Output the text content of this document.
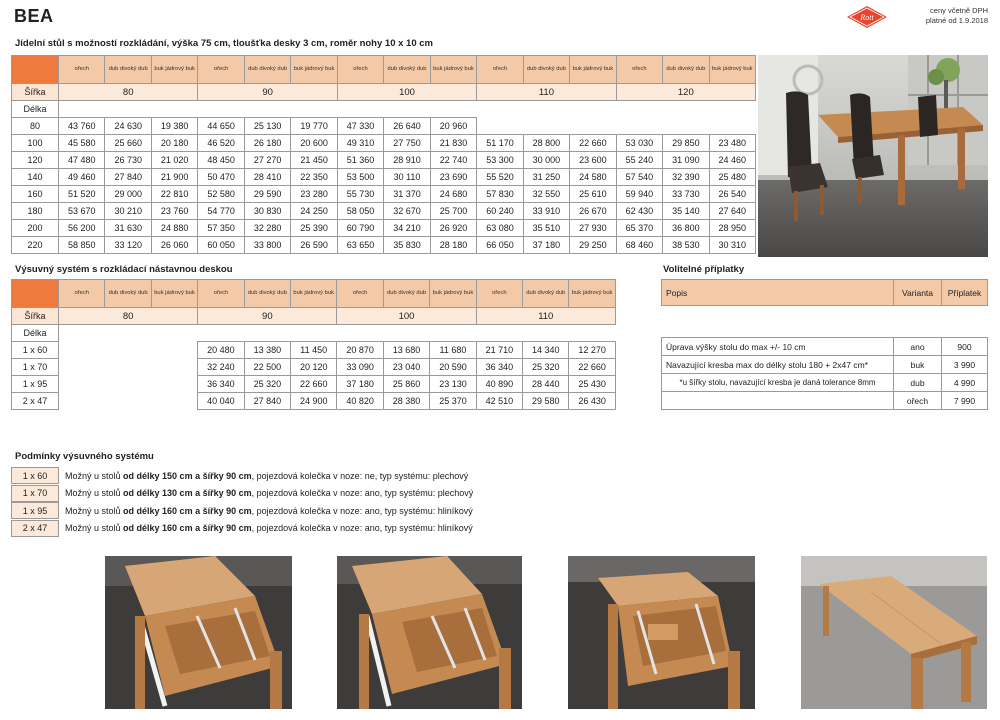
BEA	Rott
ceny včetně DPH
platné od 1.9.2018
Jídelní stůl s možností rozkládání, výška 75 cm, tloušťka desky 3 cm, roměr nohy 10 x 10 cm
	ořech	dub divoký dub	buk jádrový buk	ořech	dub divoký dub	buk jádrový buk	ořech	dub divoký dub	buk jádrový buk	ořech	dub divoký dub	buk jádrový buk	ořech	dub divoký dub	buk jádrový buk
Šířka	80			90			100			110			120		
Délka															
80	43 760	24 630	19 380	44 650	25 130	19 770	47 330	26 640	20 960						
100	45 580	25 660	20 180	46 520	26 180	20 600	49 310	27 750	21 830	51 170	28 800	22 660	53 030	29 850	23 480
120	47 480	26 730	21 020	48 450	27 270	21 450	51 360	28 910	22 740	53 300	30 000	23 600	55 240	31 090	24 460
140	49 460	27 840	21 900	50 470	28 410	22 350	53 500	30 110	23 690	55 520	31 250	24 580	57 540	32 390	25 480
160	51 520	29 000	22 810	52 580	29 590	23 280	55 730	31 370	24 680	57 830	32 550	25 610	59 940	33 730	26 540
180	53 670	30 210	23 760	54 770	30 830	24 250	58 050	32 670	25 700	60 240	33 910	26 670	62 430	35 140	27 640
200	56 200	31 630	24 880	57 350	32 280	25 390	60 790	34 210	26 920	63 080	35 510	27 930	65 370	36 800	28 950
220	58 850	33 120	26 060	60 050	33 800	26 590	63 650	35 830	28 180	66 050	37 180	29 250	68 460	38 530	30 310
Výsuvný systém s rozkládací nástavnou deskou
	ořech	dub divoký dub	buk jádrový buk	ořech	dub divoký dub	buk jádrový buk	ořech	dub divoký dub	buk jádrový buk	ořech	dub divoký dub	buk jádrový buk
Šířka	80			90			100			110		
Délka												
1 x 60				20 480	13 380	11 450	20 870	13 680	11 680	21 710	14 340	12 270
1 x 70				32 240	22 500	20 120	33 090	23 040	20 590	36 340	25 320	22 660
1 x 95				36 340	25 320	22 660	37 180	25 860	23 130	40 890	28 440	25 430
2 x 47				40 040	27 840	24 900	40 820	28 380	25 370	42 510	29 580	26 430
Volitelné příplatky
Popis	Varianta	Příplatek

Úprava výšky stolu do max +/- 10 cm	ano	900
Navazující kresba max do délky stolu 180 + 2x47 cm*	buk	3 990
*u šířky stolu, navazující kresba je daná tolerance 8mm	dub	4 990
	ořech	7 990
Podmínky výsuvného systému
1 x 60	Možný u stolů od délky 150 cm a šířky 90 cm, pojezdová kolečka v noze: ne, typ systému: plechový
1 x 70	Možný u stolů od délky 130 cm a šířky 90 cm, pojezdová kolečka v noze: ano, typ systému: plechový
1 x 95	Možný u stolů od délky 160 cm a šířky 90 cm, pojezdová kolečka v noze: ano, typ systému: hliníkový
2 x 47	Možný u stolů od délky 160 cm a šířky 90 cm, pojezdová kolečka v noze: ano, typ systému: hliníkový
